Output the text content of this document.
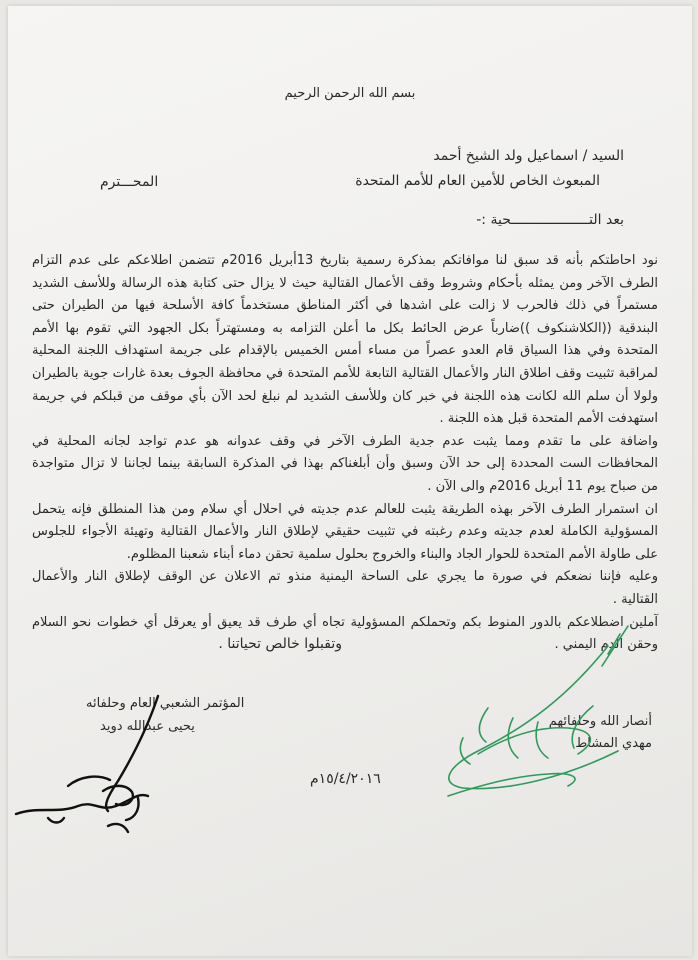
بسم الله الرحمن الرحيم
السيد / اسماعيل ولد الشيخ أحمد
المبعوث الخاص للأمين العام للأمم المتحدة
المحـــترم
بعد التـــــــــــــــــــحية :-
نود احاطتكم بأنه قد سبق لنا موافاتكم بمذكرة رسمية بتاريخ 13أبريل 2016م تتضمن اطلاعكم على عدم التزام
الطرف الآخر ومن يمثله بأحكام وشروط وقف الأعمال القتالية حيث لا يزال حتى كتابة هذه الرسالة وللأسف الشديد
مستمراً في ذلك فالحرب لا زالت على اشدها في أكثر المناطق مستخدماً كافة الأسلحة فيها من الطيران حتى
البندقية ((الكلاشنكوف ))ضارباً عرض الحائط بكل ما أعلن التزامه به ومستهتراً بكل الجهود التي تقوم بها الأمم
المتحدة وفي هذا السياق قام العدو عصراً من مساء أمس الخميس بالإقدام على جريمة استهداف اللجنة المحلية
لمراقبة تثبيت وقف اطلاق النار والأعمال القتالية التابعة للأمم المتحدة في محافظة الجوف بعدة غارات جوية بالطيران
ولولا أن سلم الله لكانت هذه اللجنة في خبر كان وللأسف الشديد لم نبلغ لحد الآن بأي موقف من قبلكم في جريمة
استهدفت الأمم المتحدة قبل هذه اللجنة .
واضافة على ما تقدم ومما يثبت عدم جدية الطرف الآخر في وقف عدوانه هو عدم تواجد لجانه المحلية في
المحافظات الست المحددة إلى حد الآن وسبق وأن أبلغناكم بهذا في المذكرة السابقة بينما لجاننا لا تزال متواجدة
من صباح يوم 11 أبريل 2016م والى الآن .
ان استمرار الطرف الآخر بهذه الطريقة يثبت للعالم عدم جديته في احلال أي سلام ومن هذا المنطلق فإنه يتحمل
المسؤولية الكاملة لعدم جديته وعدم رغبته في تثبيت حقيقي لإطلاق النار والأعمال القتالية وتهيئة الأجواء للجلوس
على طاولة الأمم المتحدة للحوار الجاد والبناء والخروج بحلول سلمية تحقن دماء أبناء شعبنا المظلوم.
وعليه فإننا نضعكم في صورة ما يجري على الساحة اليمنية منذو تم الاعلان عن الوقف لإطلاق النار والأعمال
القتالية .
آملين اضطلاعكم بالدور المنوط بكم وتحملكم المسؤولية تجاه أي طرف قد يعيق أو يعرقل أي خطوات نحو السلام
وحقن الدم اليمني .
وتقبلوا خالص تحياتنا .
أنصار الله وحلفائهم
مهدي المشاط
المؤتمر الشعبي العام وحلفائه
يحيى عبدالله دويد
١٥/٤/٢٠١٦م
